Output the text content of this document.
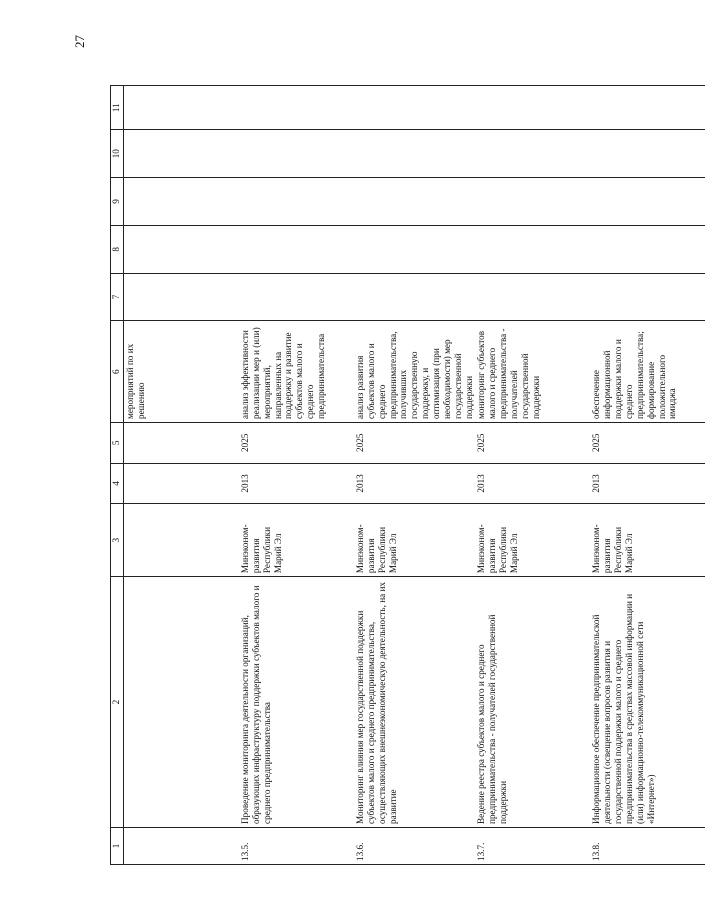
27
1	2	3	4	5	6	7	8	9	10	11
					мероприятий по их решению					
13.5.	Проведение мониторинга деятельности организаций, образующих инфраструктуру поддержки субъектов малого и среднего предпринимательства	Минэконом-развития Республики Марий Эл	2013	2025	анализ эффективности реализации мер и (или) мероприятий, направленных на поддержку и развитие субъектов малого и среднего предпринимательства					
13.6.	Мониторинг влияния мер государственной поддержки субъектов малого и среднего предпринимательства, осуществляющих внешнеэкономическую деятельность, на их развитие	Минэконом-развития Республики Марий Эл	2013	2025	анализ развития субъектов малого и среднего предпринимательства, получивших государственную поддержку, и оптимизация (при необходимости) мер государственной поддержки					
13.7.	Ведение реестра субъектов малого и среднего предпринимательства - получателей государственной поддержки	Минэконом-развития Республики Марий Эл	2013	2025	мониторинг субъектов малого и среднего предпринимательства - получателей государственной поддержки					
13.8.	Информационное обеспечение предпринимательской деятельности (освещение вопросов развития и государственной поддержки малого и среднего предпринимательства в средствах массовой информации и (или) информационно-телекоммуникационной сети «Интернет»)	Минэконом-развития Республики Марий Эл	2013	2025	обеспечение информационной поддержки малого и среднего предпринимательства; формирование положительного имиджа					
